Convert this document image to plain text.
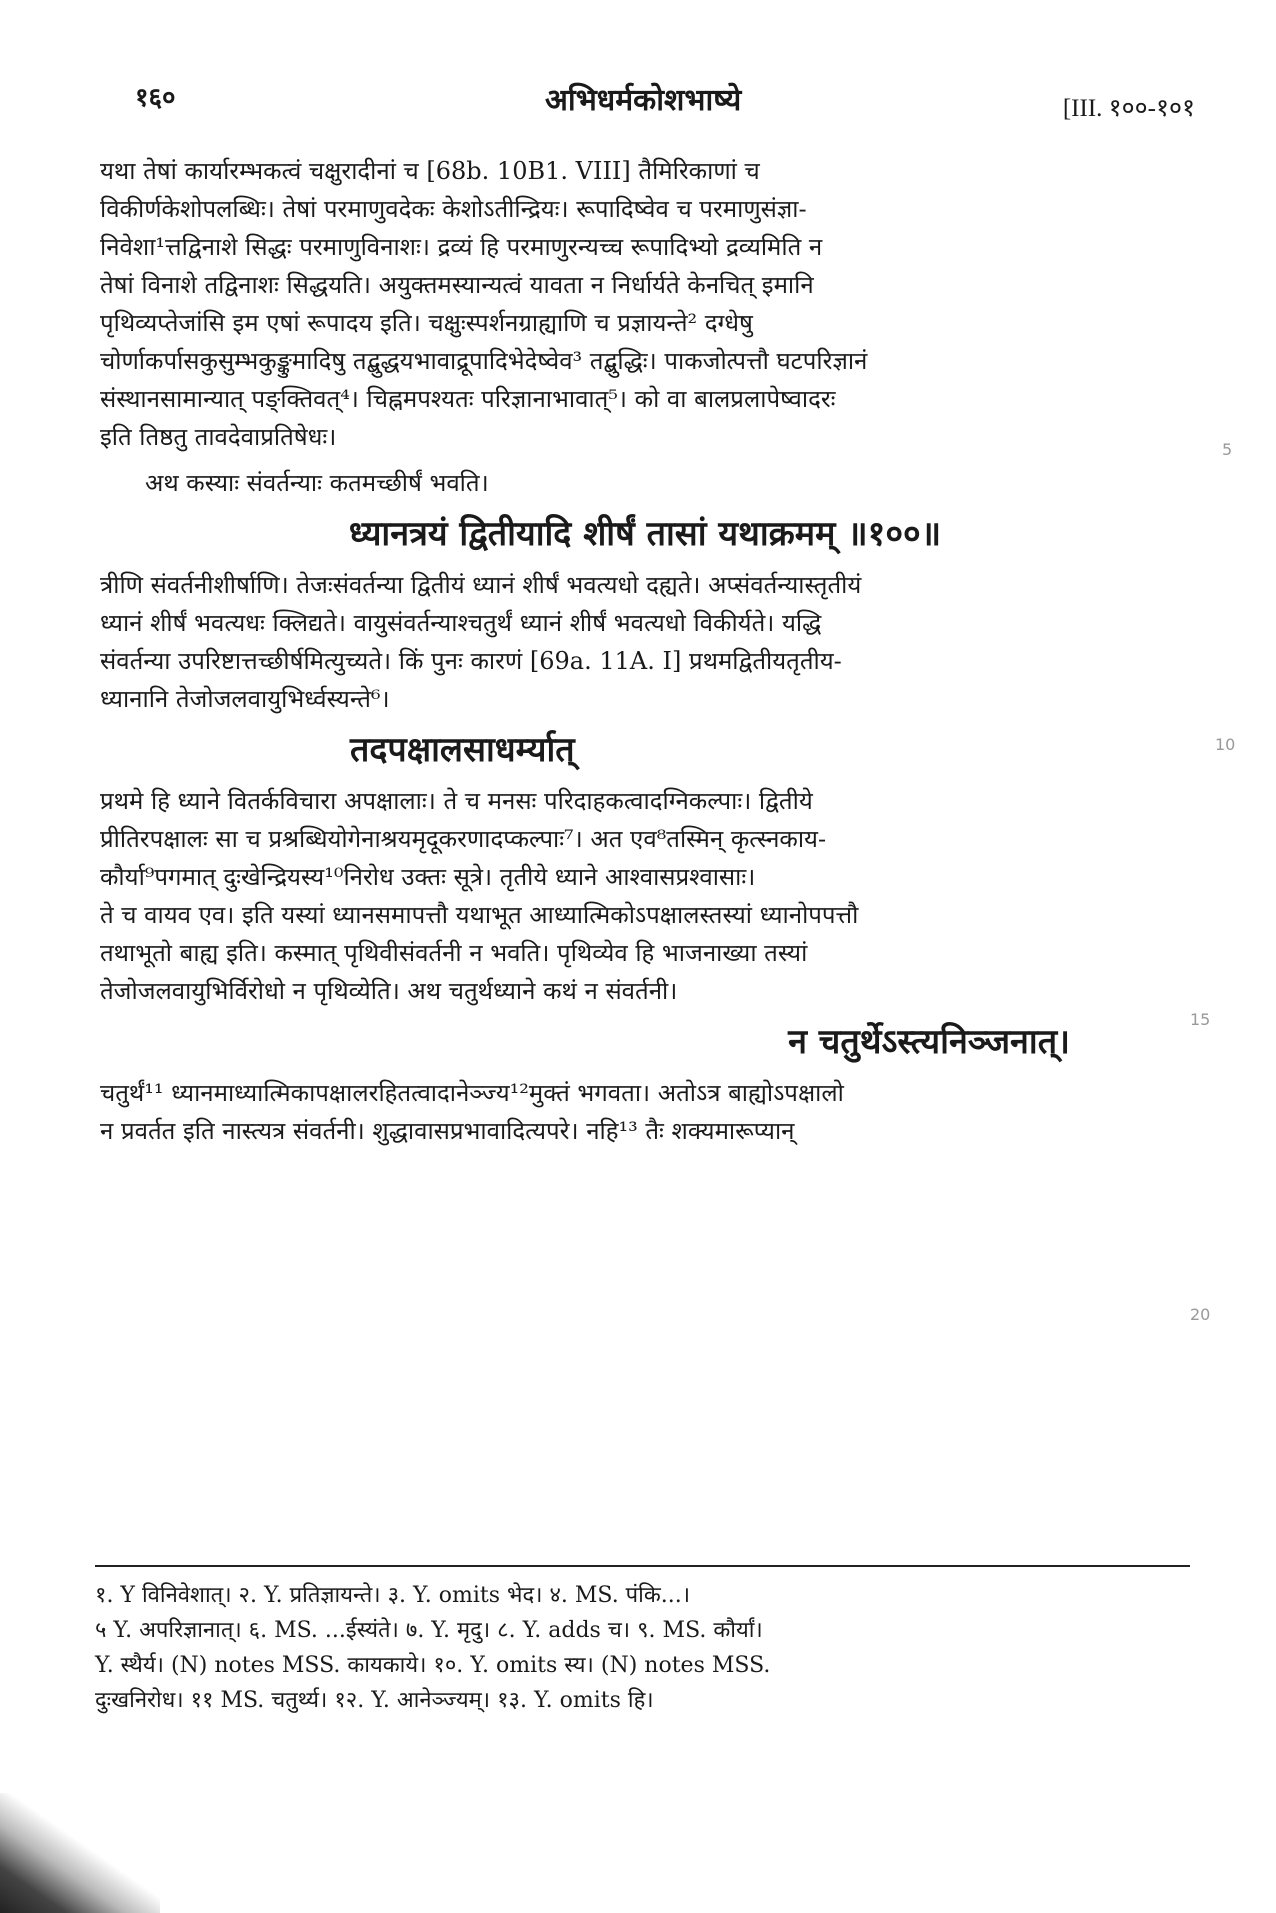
१६०	अभिधर्मकोशभाष्ये	[III. १००-१०१
यथा तेषां कार्यारम्भकत्वं चक्षुरादीनां च [68b. 10B1. VIII] तैमिरिकाणां च
विकीर्णकेशोपलब्धिः। तेषां परमाणुवदेकः केशोऽतीन्द्रियः। रूपादिष्वेव च परमाणुसंज्ञा-
निवेशा¹त्तद्विनाशे सिद्धः परमाणुविनाशः। द्रव्यं हि परमाणुरन्यच्च रूपादिभ्यो द्रव्यमिति न
तेषां विनाशे तद्विनाशः सिद्धयति। अयुक्तमस्यान्यत्वं यावता न निर्धार्यते केनचित् इमानि
पृथिव्यप्तेजांसि इम एषां रूपादय इति। चक्षुःस्पर्शनग्राह्याणि च प्रज्ञायन्ते² दग्धेषु
चोर्णाकर्पासकुसुम्भकुङ्कुमादिषु तद्ब‌ुद्धयभावाद्रूपादिभेदेष्वेव³ तद्ब‌ुद्धिः। पाकजोत्पत्तौ घटपरिज्ञानं
संस्थानसामान्यात् पङ्क्तिवत्⁴। चिह्नमपश्यतः परिज्ञानाभावात्⁵। को वा बालप्रलापेष्वादरः
इति तिष्ठतु तावदेवाप्रतिषेधः।
अथ कस्याः संवर्तन्याः कतमच्छीर्षं भवति।
ध्यानत्रयं द्वितीयादि शीर्षं तासां यथाक्रमम् ॥१००॥
त्रीणि संवर्तनीशीर्षाणि। तेजःसंवर्तन्या द्वितीयं ध्यानं शीर्षं भवत्यधो दह्यते। अप्संवर्तन्यास्तृतीयं
ध्यानं शीर्षं भवत्यधः क्लिद्यते। वायुसंवर्तन्याश्चतुर्थं ध्यानं शीर्षं भवत्यधो विकीर्यते। यद्धि
संवर्तन्या उपरिष्टात्तच्छीर्षमित्युच्यते। किं पुनः कारणं [69a. 11A. I] प्रथमद्वितीयतृतीय-
ध्यानानि तेजोजलवायुभिर्ध्वस्यन्ते⁶।
तदपक्षालसाधर्म्यात्
प्रथमे हि ध्याने वितर्कविचारा अपक्षालाः। ते च मनसः परिदाहकत्वादग्निकल्पाः। द्वितीये
प्रीतिरपक्षालः सा च प्रश्रब्धियोगेनाश्रयमृदूकरणादप्कल्पाः⁷। अत एव⁸तस्मिन् कृत्स्नकाय-
कौर्या⁹पगमात् दुःखेन्द्रियस्य¹⁰निरोध उक्तः सूत्रे। तृतीये ध्याने आश्वासप्रश्वासाः।
ते च वायव एव। इति यस्यां ध्यानसमापत्तौ यथाभूत आध्यात्मिकोऽपक्षालस्तस्यां ध्यानोपपत्तौ
तथाभूतो बाह्य इति। कस्मात् पृथिवीसंवर्तनी न भवति। पृथिव्येव हि भाजनाख्या तस्यां
तेजोजलवायुभिर्विरोधो न पृथिव्येति। अथ चतुर्थध्याने कथं न संवर्तनी।
न चतुर्थेऽस्त्यनिञ्जनात्।
चतुर्थं¹¹ ध्यानमाध्यात्मिकापक्षालरहितत्वादानेञ्ज्य¹²मुक्तं भगवता। अतोऽत्र बाह्योऽपक्षालो
न प्रवर्तत इति नास्त्यत्र संवर्तनी। शुद्धावासप्रभावादित्यपरे। नहि¹³ तैः शक्यमारूप्यान्
१. Y विनिवेशात्। २. Y. प्रतिज्ञायन्ते। ३. Y. omits भेद। ४. MS. पंकि...।
५ Y. अपरिज्ञानात्। ६. MS. ...ईस्यंते। ७. Y. मृदु। ८. Y. adds च। ९. MS. कौर्यां।
Y. स्थैर्य। (N) notes MSS. कायकाये। १०. Y. omits स्य। (N) notes MSS.
दुःखनिरोध। ११ MS. चतुर्थ्य। १२. Y. आनेञ्ज्यम्। १३. Y. omits हि।
5
10
15
20
